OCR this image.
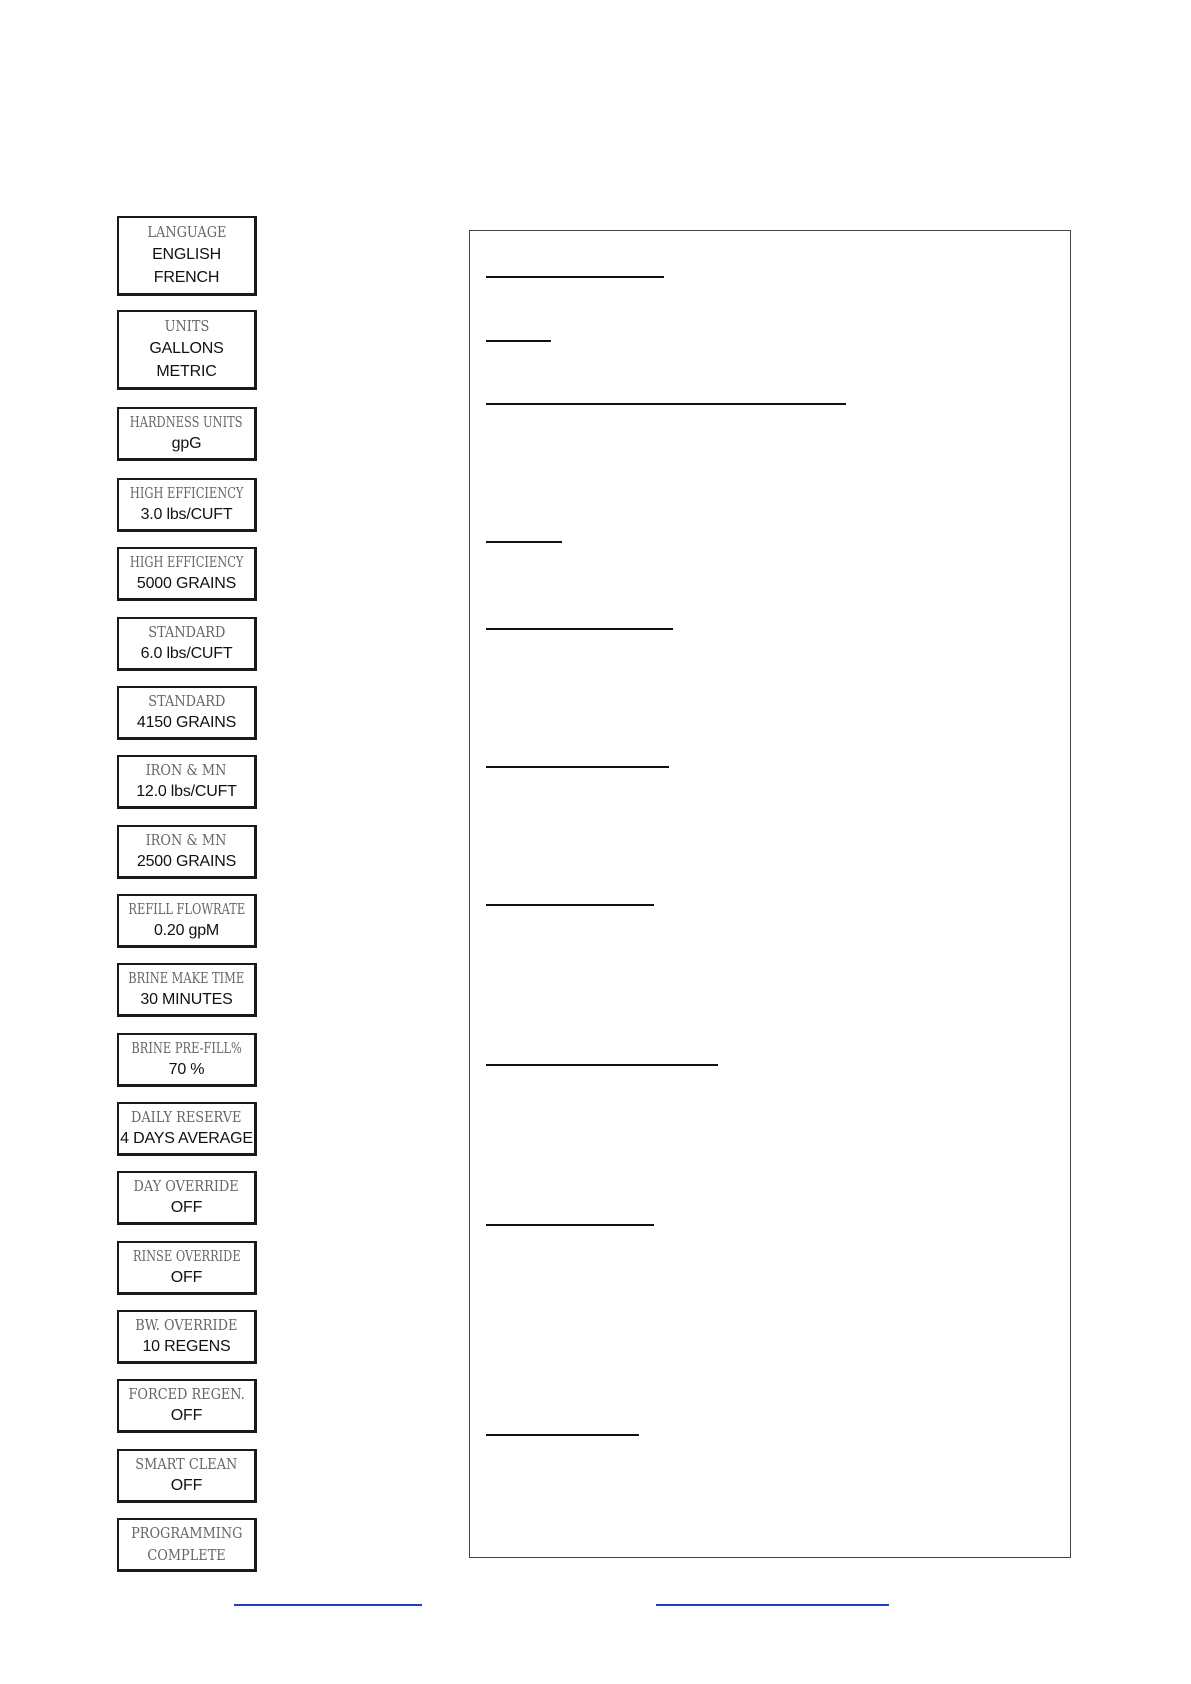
LANGUAGE
ENGLISH
FRENCH
UNITS
GALLONS
METRIC
HARDNESS UNITS
gpG
HIGH EFFICIENCY
3.0 lbs/CUFT
HIGH EFFICIENCY
5000 GRAINS
STANDARD
6.0 lbs/CUFT
STANDARD
4150 GRAINS
IRON & MN
12.0 lbs/CUFT
IRON & MN
2500 GRAINS
REFILL FLOWRATE
0.20 gpM
BRINE MAKE TIME
30 MINUTES
BRINE PRE-FILL%
70 %
DAILY RESERVE
4 DAYS AVERAGE
DAY OVERRIDE
OFF
RINSE OVERRIDE
OFF
BW. OVERRIDE
10 REGENS
FORCED REGEN.
OFF
SMART CLEAN
OFF
PROGRAMMING
COMPLETE
